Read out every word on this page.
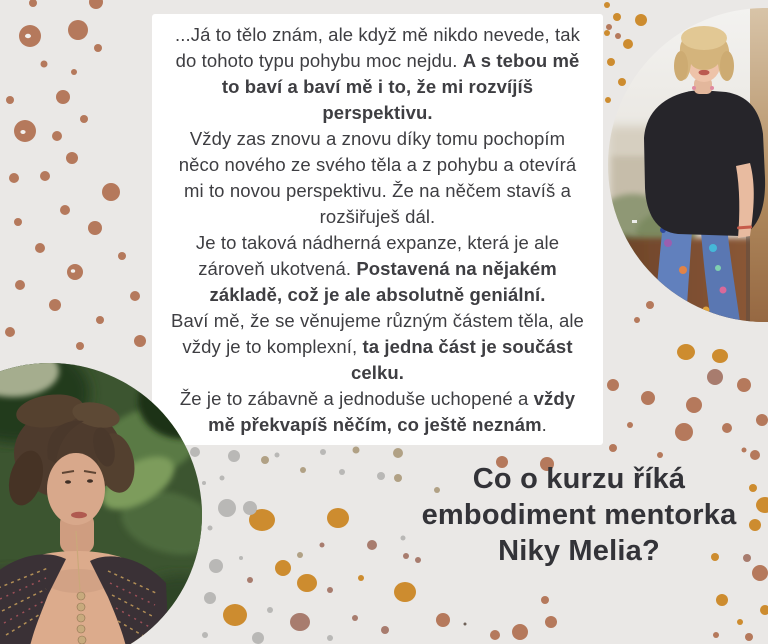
...Já to tělo znám, ale když mě nikdo nevede, tak do tohoto typu pohybu moc nejdu. A s tebou mě to baví a baví mě i to, že mi rozvíjíš perspektivu.

Vždy zas znovu a znovu díky tomu pochopím něco nového ze svého těla a z pohybu a otevírá mi to novou perspektivu. Že na něčem stavíš a rozšiřuješ dál.

Je to taková nádherná expanze, která je ale zároveň ukotvená. Postavená na nějakém základě, což je ale absolutně geniální.

Baví mě, že se věnujeme různým částem těla, ale vždy je to komplexní, ta jedna část je součást celku.

Že je to zábavně a jednoduše uchopené a vždy mě překvapíš něčím, co ještě neznám.

Co o kurzu říká
embodiment mentorka
Niky Melia?
